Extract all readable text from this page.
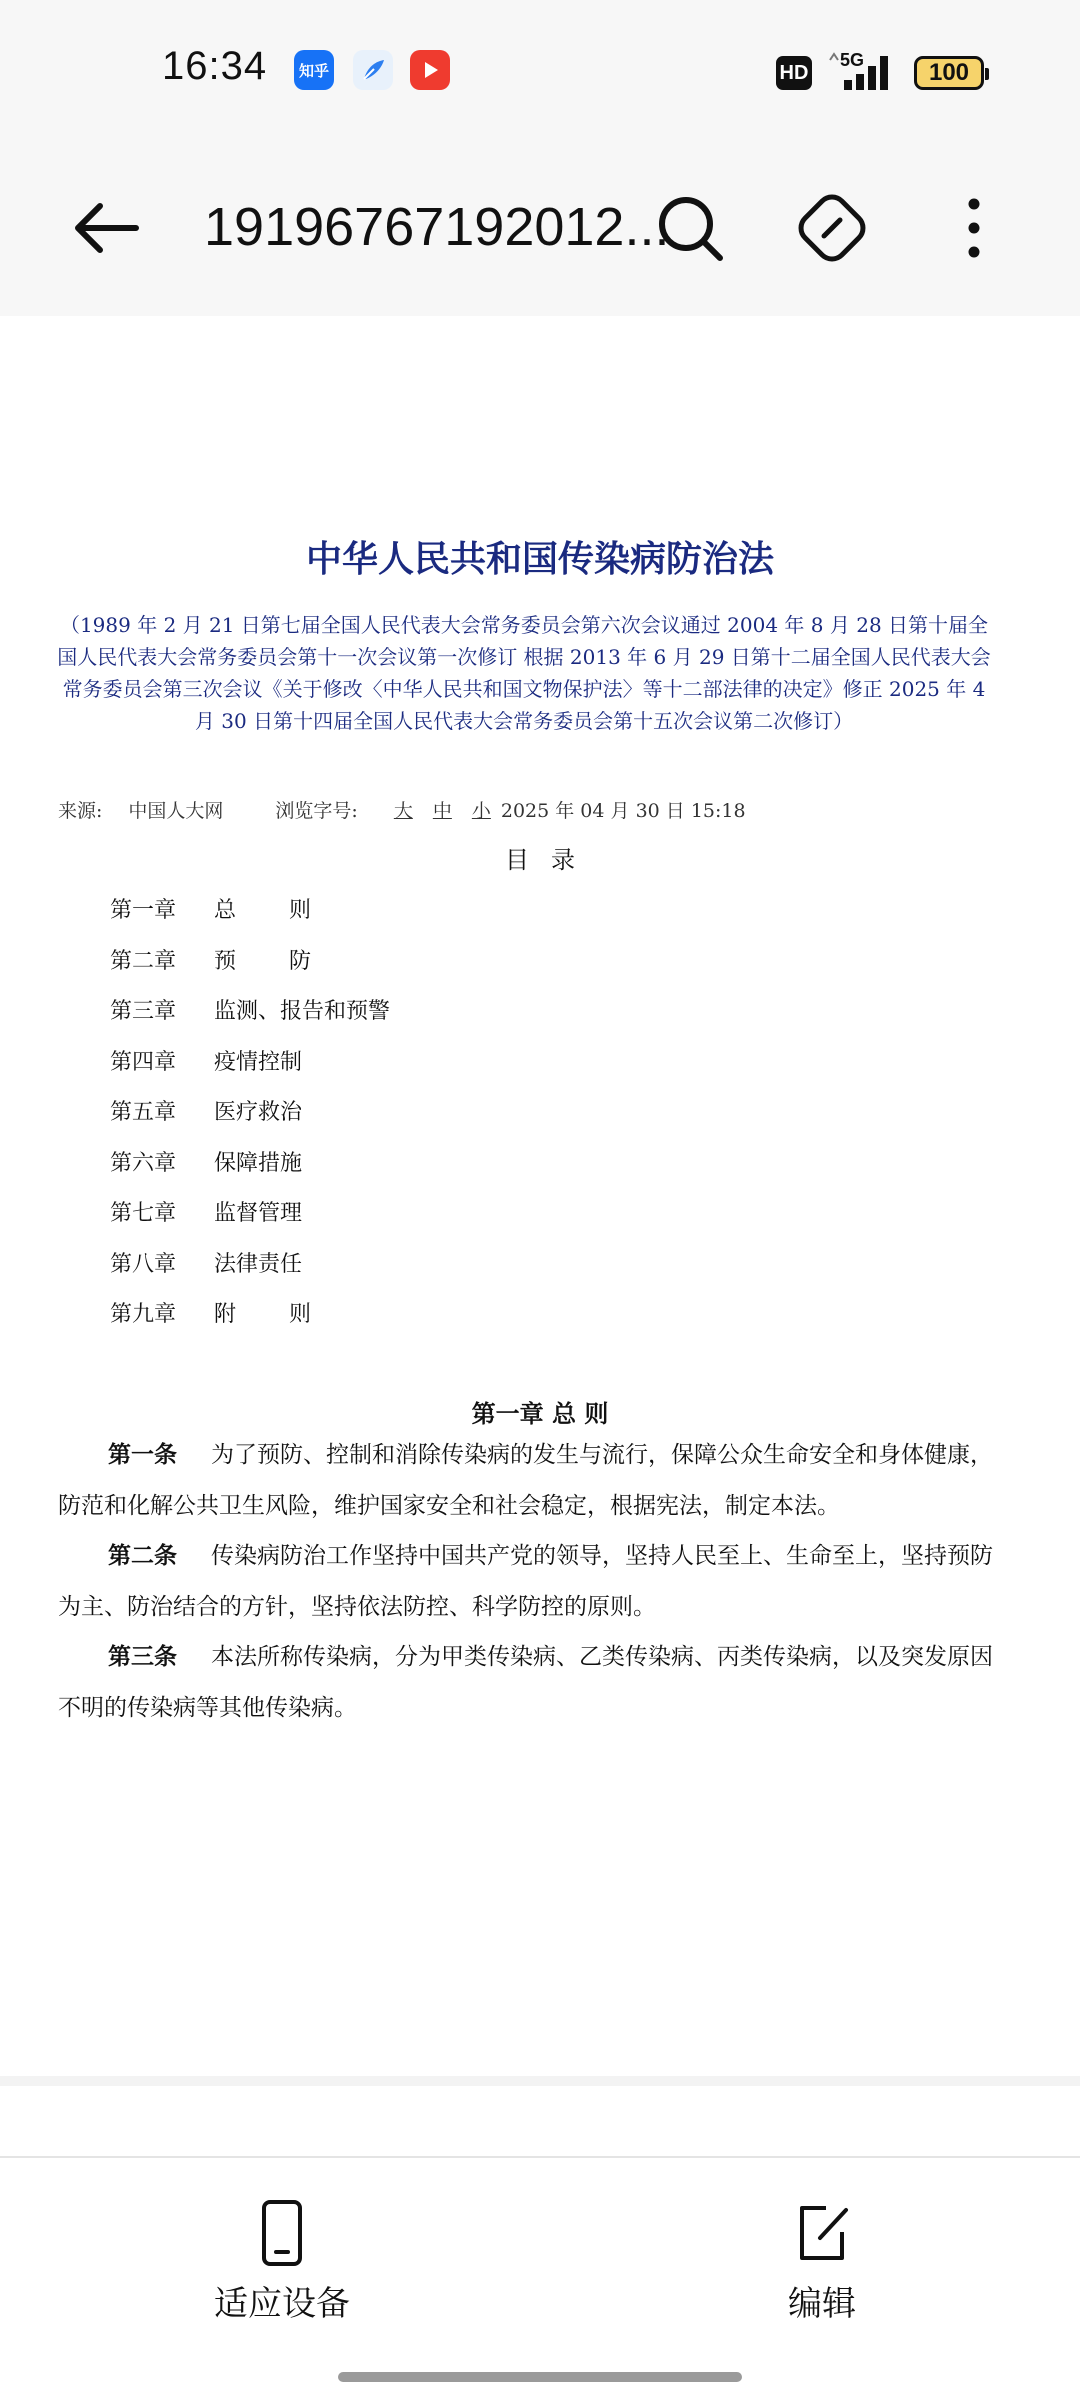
16:34	知乎	HD
5G	100
19196767192012...
中华人民共和国传染病防治法
（1989 年 2 月 21 日第七届全国人民代表大会常务委员会第六次会议通过 2004 年 8 月 28 日第十届全国人民代表大会常务委员会第十一次会议第一次修订 根据 2013 年 6 月 29 日第十二届全国人民代表大会常务委员会第三次会议《关于修改〈中华人民共和国文物保护法〉等十二部法律的决定》修正 2025 年 4 月 30 日第十四届全国人民代表大会常务委员会第十五次会议第二次修订）
来源: 中国人大网	浏览字号: 大 中 小 2025 年 04 月 30 日 15:18
目录
第一章 总    则
第二章 预    防
第三章 监测、报告和预警
第四章 疫情控制
第五章 医疗救治
第六章 保障措施
第七章 监督管理
第八章 法律责任
第九章 附    则
第一章 总 则

第一条 为了预防、控制和消除传染病的发生与流行，保障公众生命安全和身体健康，防范和化解公共卫生风险，维护国家安全和社会稳定，根据宪法，制定本法。

第二条 传染病防治工作坚持中国共产党的领导，坚持人民至上、生命至上，坚持预防为主、防治结合的方针，坚持依法防控、科学防控的原则。

第三条 本法所称传染病，分为甲类传染病、乙类传染病、丙类传染病，以及突发原因不明的传染病等其他传染病。

适应设备	编辑
